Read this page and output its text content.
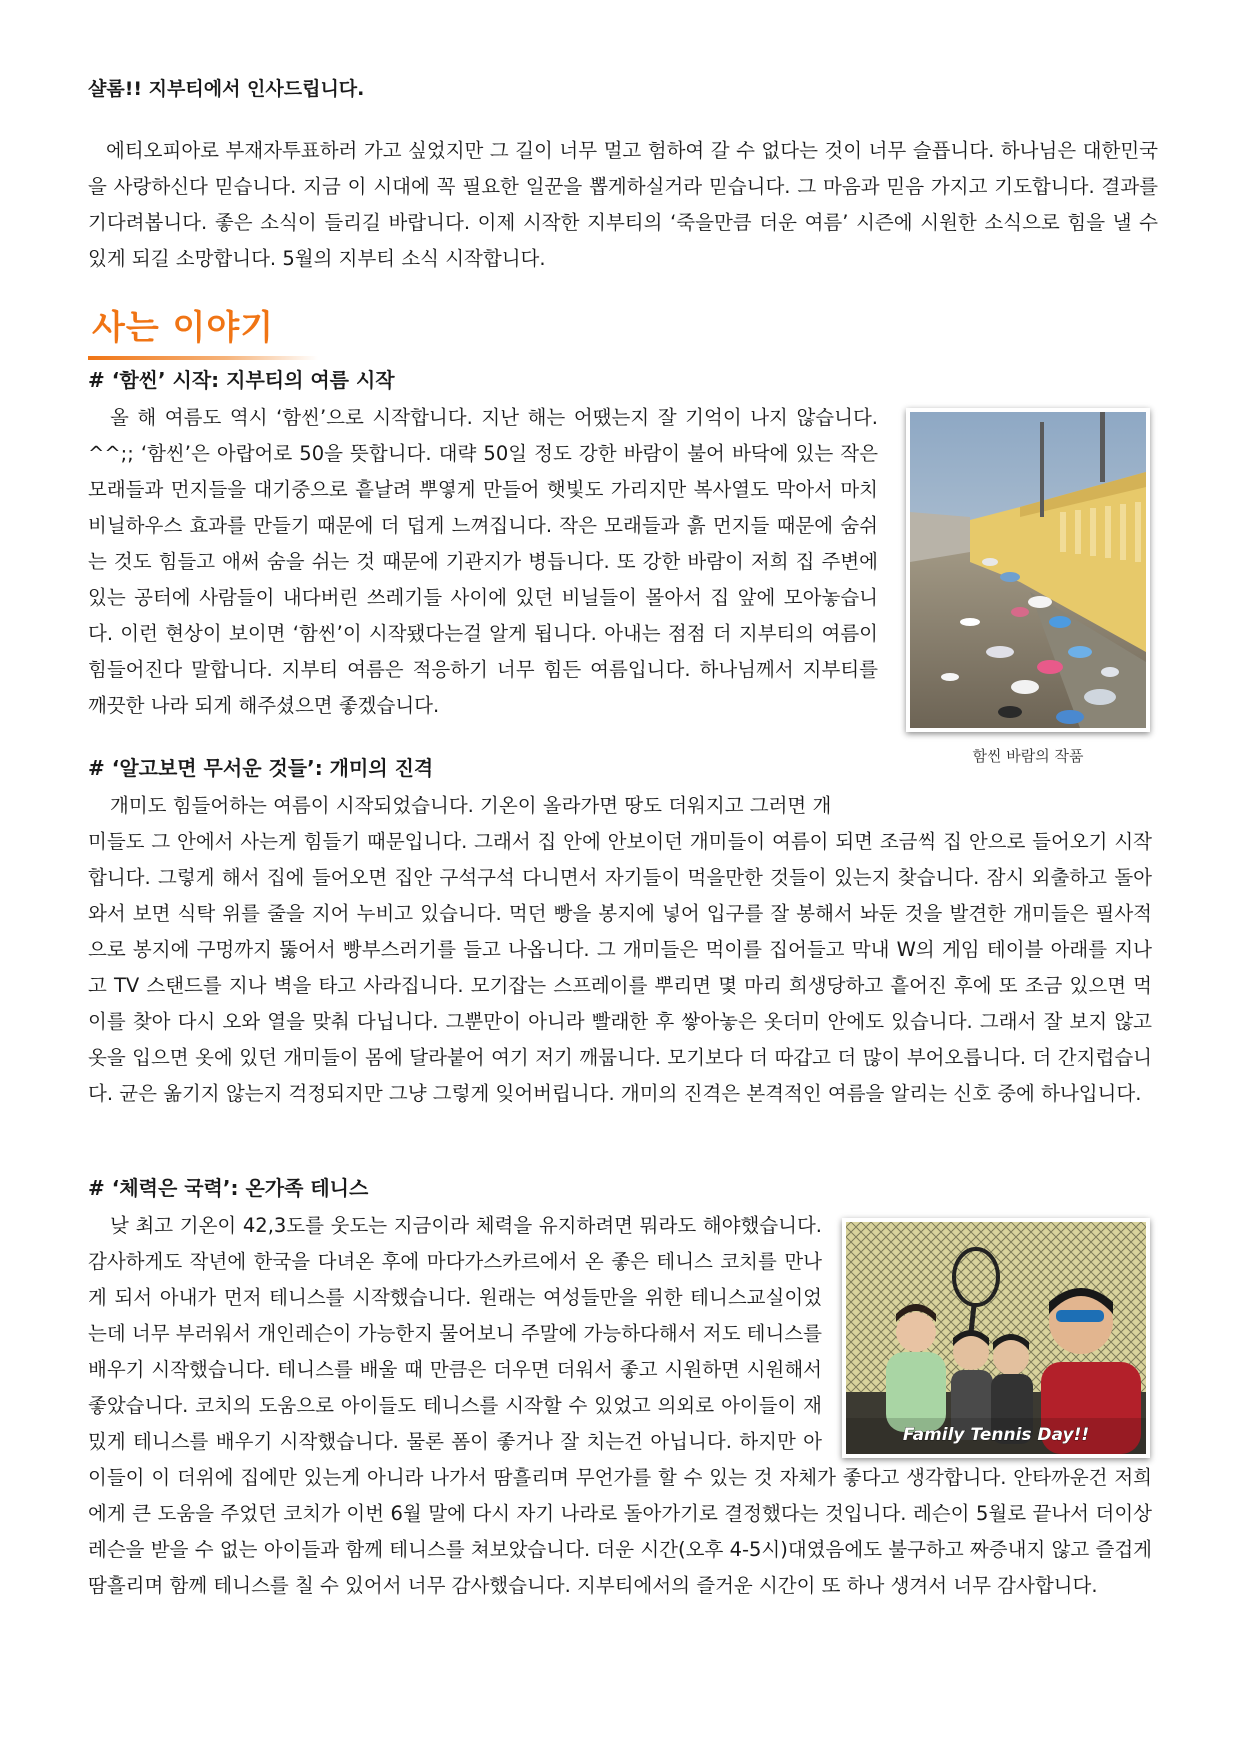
샬롬!! 지부티에서 인사드립니다.

에티오피아로 부재자투표하러 가고 싶었지만 그 길이 너무 멀고 험하여 갈 수 없다는 것이 너무 슬픕니다. 하나님은 대한민국을 사랑하신다 믿습니다. 지금 이 시대에 꼭 필요한 일꾼을 뽑게하실거라 믿습니다. 그 마음과 믿음 가지고 기도합니다. 결과를 기다려봅니다. 좋은 소식이 들리길 바랍니다. 이제 시작한 지부티의 ‘죽을만큼 더운 여름’ 시즌에 시원한 소식으로 힘을 낼 수 있게 되길 소망합니다. 5월의 지부티 소식 시작합니다.

사는 이야기
# ‘함씬’ 시작: 지부티의 여름 시작

올 해 여름도 역시 ‘함씬’으로 시작합니다. 지난 해는 어땠는지 잘 기억이 나지 않습니다. ^^;; ‘함씬’은 아랍어로 50을 뜻합니다. 대략 50일 정도 강한 바람이 불어 바닥에 있는 작은 모래들과 먼지들을 대기중으로 흩날려 뿌옇게 만들어 햇빛도 가리지만 복사열도 막아서 마치 비닐하우스 효과를 만들기 때문에 더 덥게 느껴집니다. 작은 모래들과 흙 먼지들 때문에 숨쉬는 것도 힘들고 애써 숨을 쉬는 것 때문에 기관지가 병듭니다. 또 강한 바람이 저희 집 주변에 있는 공터에 사람들이 내다버린 쓰레기들 사이에 있던 비닐들이 몰아서 집 앞에 모아놓습니다. 이런 현상이 보이면 ‘함씬’이 시작됐다는걸 알게 됩니다. 아내는 점점 더 지부티의 여름이 힘들어진다 말합니다. 지부티 여름은 적응하기 너무 힘든 여름입니다. 하나님께서 지부티를 깨끗한 나라 되게 해주셨으면 좋겠습니다.

함씬 바람의 작품

# ‘알고보면 무서운 것들’: 개미의 진격

개미도 힘들어하는 여름이 시작되었습니다. 기온이 올라가면 땅도 더워지고 그러면 개
미들도 그 안에서 사는게 힘들기 때문입니다. 그래서 집 안에 안보이던 개미들이 여름이 되면 조금씩 집 안으로 들어오기 시작합니다. 그렇게 해서 집에 들어오면 집안 구석구석 다니면서 자기들이 먹을만한 것들이 있는지 찾습니다. 잠시 외출하고 돌아와서 보면 식탁 위를 줄을 지어 누비고 있습니다. 먹던 빵을 봉지에 넣어 입구를 잘 봉해서 놔둔 것을 발견한 개미들은 필사적으로 봉지에 구멍까지 뚫어서 빵부스러기를 들고 나옵니다. 그 개미들은 먹이를 집어들고 막내 W의 게임 테이블 아래를 지나고 TV 스탠드를 지나 벽을 타고 사라집니다. 모기잡는 스프레이를 뿌리면 몇 마리 희생당하고 흩어진 후에 또 조금 있으면 먹이를 찾아 다시 오와 열을 맞춰 다닙니다. 그뿐만이 아니라 빨래한 후 쌓아놓은 옷더미 안에도 있습니다. 그래서 잘 보지 않고 옷을 입으면 옷에 있던 개미들이 몸에 달라붙어 여기 저기 깨뭅니다. 모기보다 더 따갑고 더 많이 부어오릅니다. 더 간지럽습니다. 균은 옮기지 않는지 걱정되지만 그냥 그렇게 잊어버립니다. 개미의 진격은 본격적인 여름을 알리는 신호 중에 하나입니다.

# ‘체력은 국력’: 온가족 테니스
낮 최고 기온이 42,3도를 웃도는 지금이라 체력을 유지하려면 뭐라도 해야했습니다. 감사하게도 작년에 한국을 다녀온 후에 마다가스카르에서 온 좋은 테니스 코치를 만나게 되서 아내가 먼저 테니스를 시작했습니다. 원래는 여성들만을 위한 테니스교실이었는데 너무 부러워서 개인레슨이 가능한지 물어보니 주말에 가능하다해서 저도 테니스를 배우기 시작했습니다. 테니스를 배울 때 만큼은 더우면 더워서 좋고 시원하면 시원해서 좋았습니다. 코치의 도움으로 아이들도 테니스를 시작할 수 있었고 의외로 아이들이 재밌게 테니스를 배우기 시작했습니다. 물론 폼이 좋거나 잘 치는건 아닙니다. 하지만 아이들이 이 더위에 집에만 있는게 아니라 나가서 땀흘리며 무언가를 할 수 있는 것 자체가 좋다고 생각합니다. 안타까운건 저희에게 큰 도움을 주었던 코치가 이번 6월 말에 다시 자기 나라로 돌아가기로 결정했다는 것입니다. 레슨이 5월로 끝나서 더이상 레슨을 받을 수 없는 아이들과 함께 테니스를 쳐보았습니다. 더운 시간(오후 4-5시)대였음에도 불구하고 짜증내지 않고 즐겁게 땀흘리며 함께 테니스를 칠 수 있어서 너무 감사했습니다. 지부티에서의 즐거운 시간이 또 하나 생겨서 너무 감사합니다.
Family Tennis Day!!
